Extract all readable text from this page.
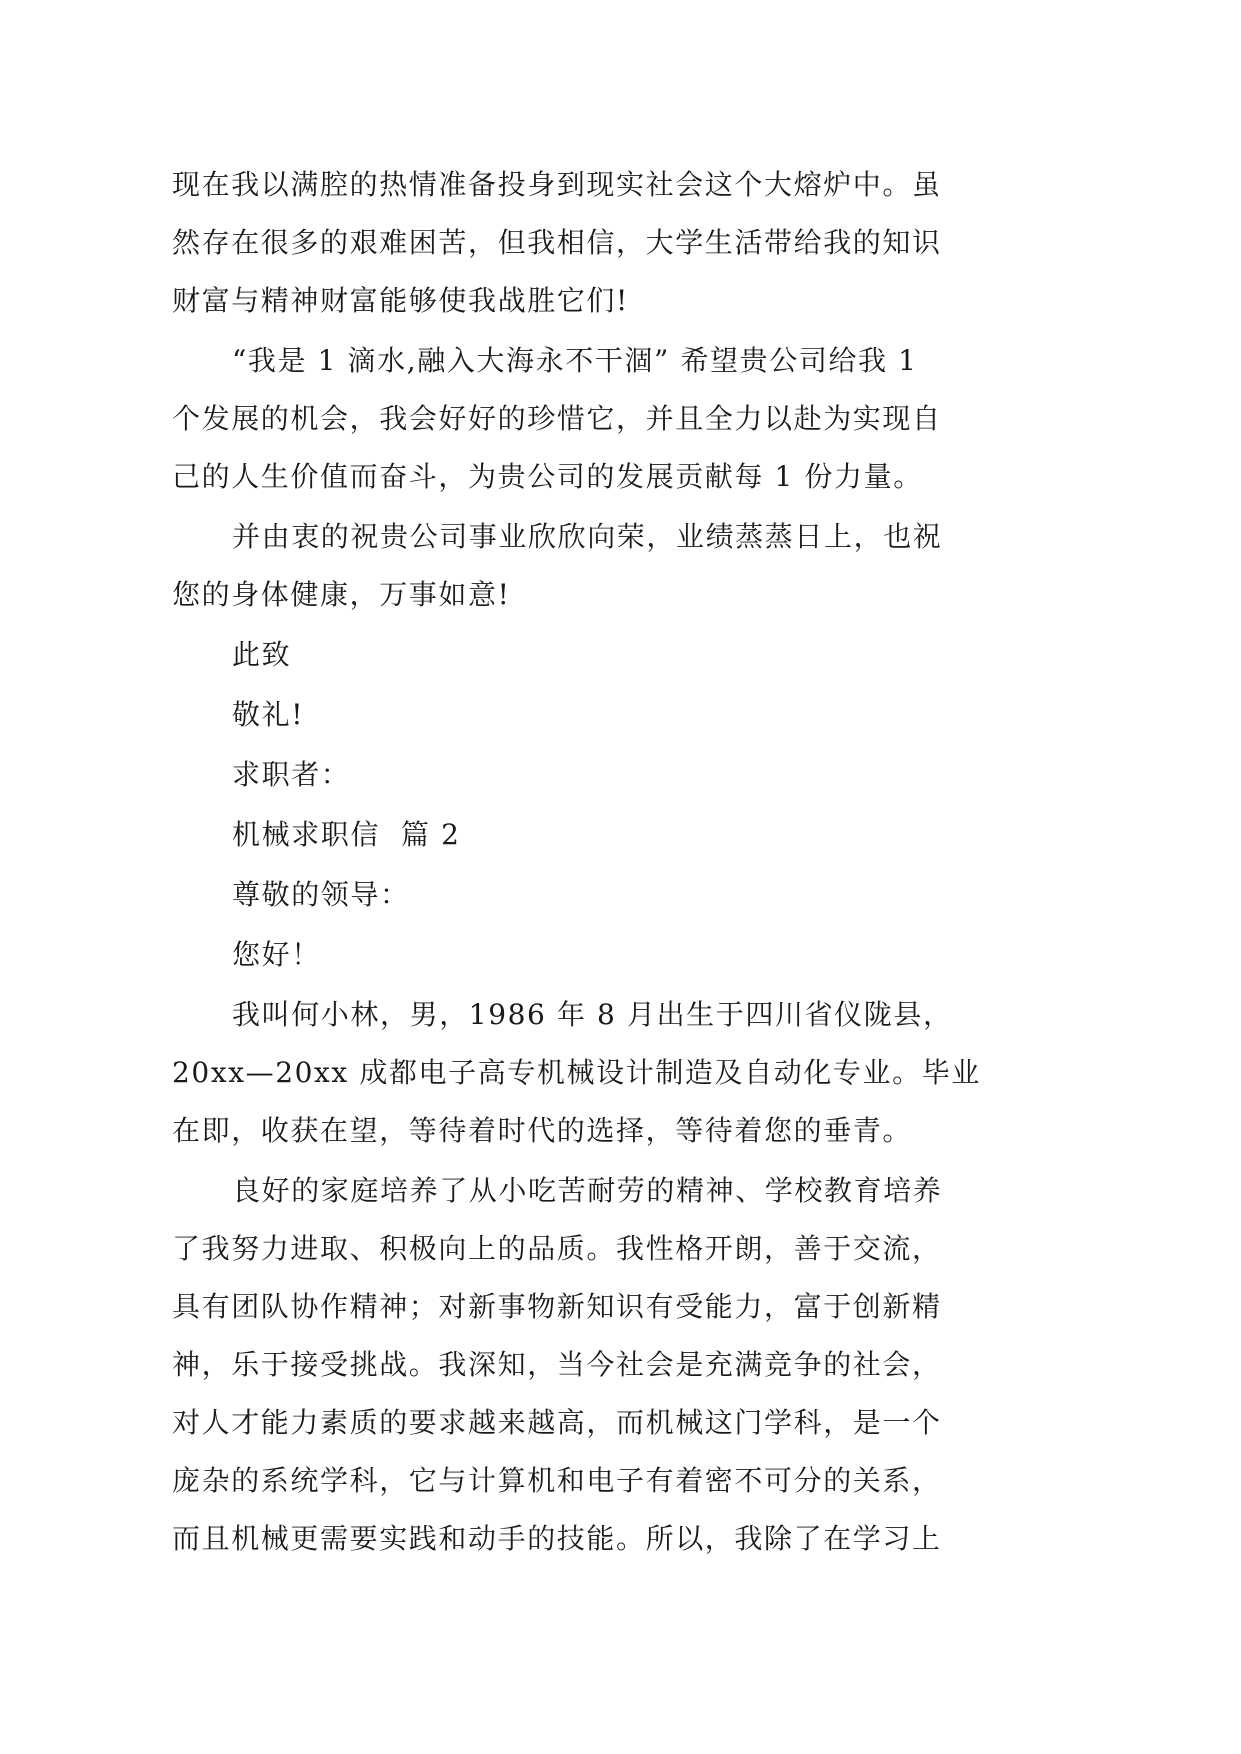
现在我以满腔的热情准备投身到现实社会这个大熔炉中。虽
然存在很多的艰难困苦，但我相信，大学生活带给我的知识
财富与精神财富能够使我战胜它们!
“我是 1 滴水,融入大海永不干涸” 希望贵公司给我 1
个发展的机会，我会好好的珍惜它，并且全力以赴为实现自
己的人生价值而奋斗，为贵公司的发展贡献每 1 份力量。
并由衷的祝贵公司事业欣欣向荣，业绩蒸蒸日上，也祝
您的身体健康，万事如意!
此致
敬礼!
求职者：
机械求职信  篇 2
尊敬的领导：
您好！
我叫何小林，男，1986 年 8 月出生于四川省仪陇县，
20xx—20xx 成都电子高专机械设计制造及自动化专业。毕业
在即，收获在望，等待着时代的选择，等待着您的垂青。
良好的家庭培养了从小吃苦耐劳的精神、学校教育培养
了我努力进取、积极向上的品质。我性格开朗，善于交流，
具有团队协作精神；对新事物新知识有受能力，富于创新精
神，乐于接受挑战。我深知，当今社会是充满竞争的社会，
对人才能力素质的要求越来越高，而机械这门学科，是一个
庞杂的系统学科，它与计算机和电子有着密不可分的关系，
而且机械更需要实践和动手的技能。所以，我除了在学习上
